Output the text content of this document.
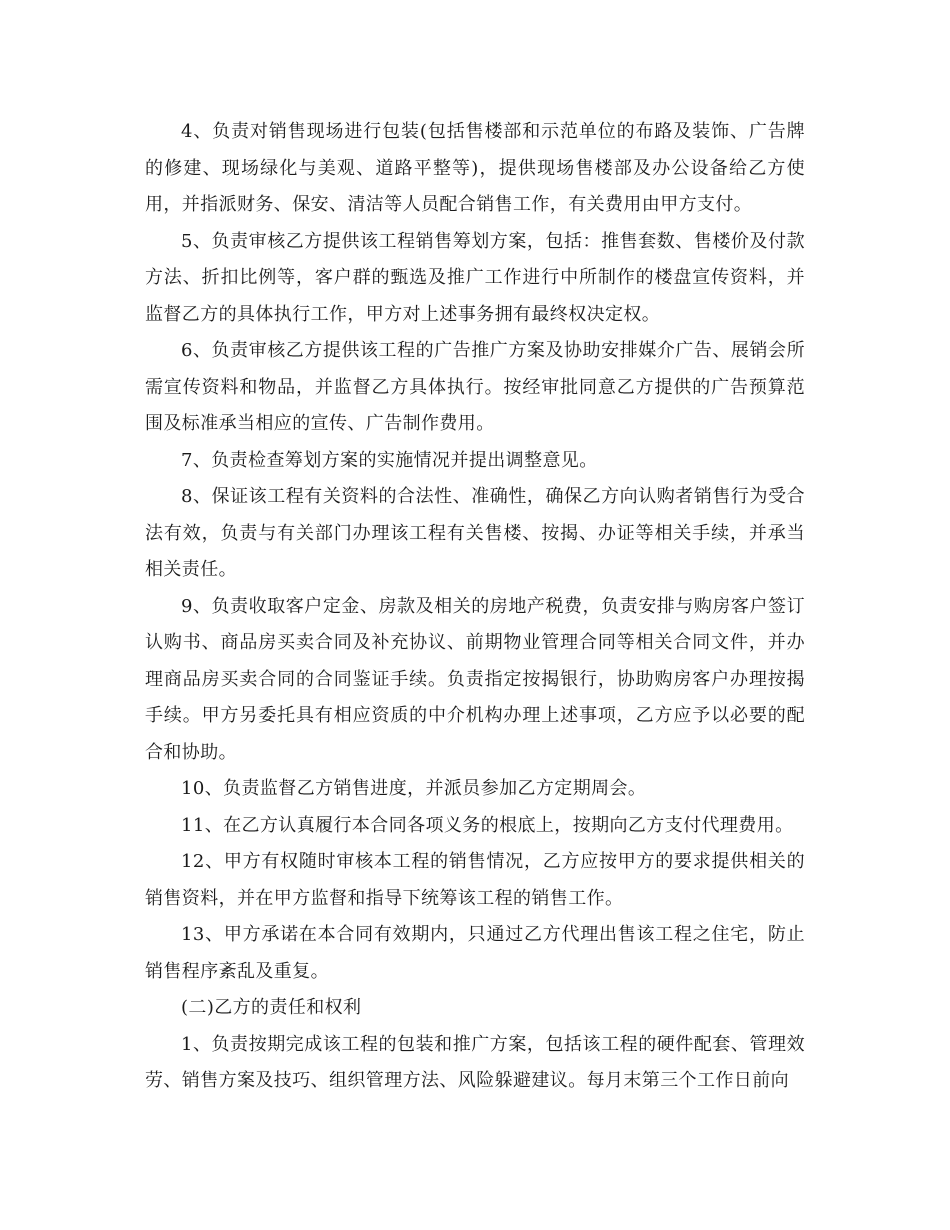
4、负责对销售现场进行包装(包括售楼部和示范单位的布路及装饰、广告牌的修建、现场绿化与美观、道路平整等)，提供现场售楼部及办公设备给乙方使用，并指派财务、保安、清洁等人员配合销售工作，有关费用由甲方支付。

5、负责审核乙方提供该工程销售筹划方案，包括：推售套数、售楼价及付款方法、折扣比例等，客户群的甄选及推广工作进行中所制作的楼盘宣传资料，并监督乙方的具体执行工作，甲方对上述事务拥有最终权决定权。

6、负责审核乙方提供该工程的广告推广方案及协助安排媒介广告、展销会所需宣传资料和物品，并监督乙方具体执行。按经审批同意乙方提供的广告预算范围及标准承当相应的宣传、广告制作费用。

7、负责检查筹划方案的实施情况并提出调整意见。

8、保证该工程有关资料的合法性、准确性，确保乙方向认购者销售行为受合法有效，负责与有关部门办理该工程有关售楼、按揭、办证等相关手续，并承当相关责任。

9、负责收取客户定金、房款及相关的房地产税费，负责安排与购房客户签订认购书、商品房买卖合同及补充协议、前期物业管理合同等相关合同文件，并办理商品房买卖合同的合同鉴证手续。负责指定按揭银行，协助购房客户办理按揭手续。甲方另委托具有相应资质的中介机构办理上述事项，乙方应予以必要的配合和协助。

10、负责监督乙方销售进度，并派员参加乙方定期周会。

11、在乙方认真履行本合同各项义务的根底上，按期向乙方支付代理费用。

12、甲方有权随时审核本工程的销售情况，乙方应按甲方的要求提供相关的销售资料，并在甲方监督和指导下统筹该工程的销售工作。

13、甲方承诺在本合同有效期内，只通过乙方代理出售该工程之住宅，防止销售程序紊乱及重复。

(二)乙方的责任和权利

1、负责按期完成该工程的包装和推广方案，包括该工程的硬件配套、管理效劳、销售方案及技巧、组织管理方法、风险躲避建议。每月末第三个工作日前向
